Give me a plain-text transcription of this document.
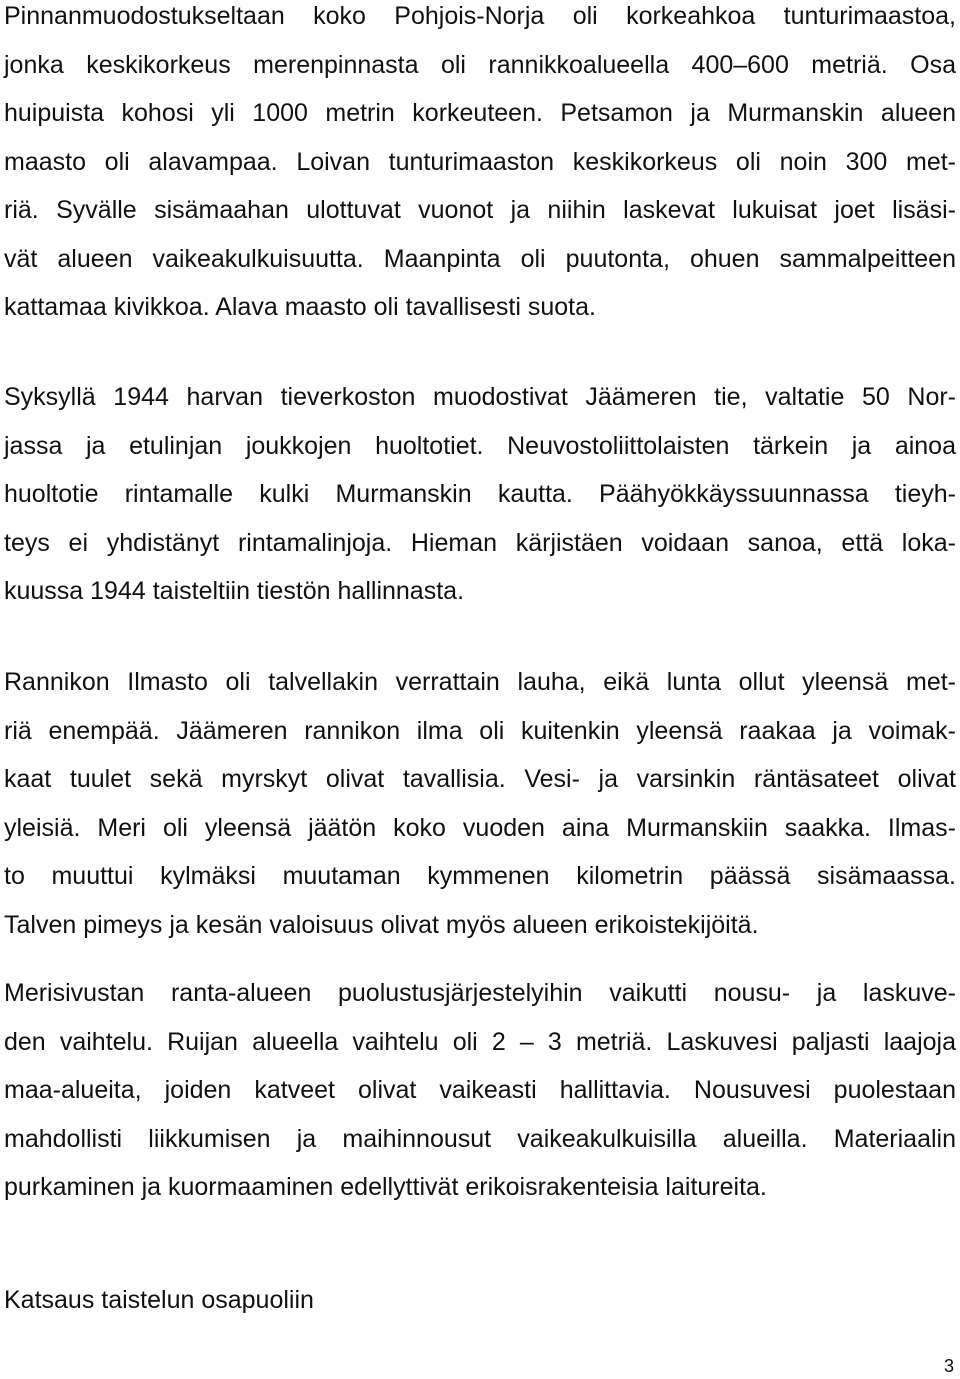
Pinnanmuodostukseltaan koko Pohjois-Norja oli korkeahkoa tunturimaastoa,
jonka keskikorkeus merenpinnasta oli rannikkoalueella 400–600 metriä. Osa
huipuista kohosi yli 1000 metrin korkeuteen. Petsamon ja Murmanskin alueen
maasto oli alavampaa. Loivan tunturimaaston keskikorkeus oli noin 300 met-
riä. Syvälle sisämaahan ulottuvat vuonot ja niihin laskevat lukuisat joet lisäsi-
vät alueen vaikeakulkuisuutta. Maanpinta oli puutonta, ohuen sammalpeitteen
kattamaa kivikkoa. Alava maasto oli tavallisesti suota.

Syksyllä 1944 harvan tieverkoston muodostivat Jäämeren tie, valtatie 50 Nor-
jassa ja etulinjan joukkojen huoltotiet. Neuvostoliittolaisten tärkein ja ainoa
huoltotie rintamalle kulki Murmanskin kautta. Päähyökkäyssuunnassa tieyh-
teys ei yhdistänyt rintamalinjoja. Hieman kärjistäen voidaan sanoa, että loka-
kuussa 1944 taisteltiin tiestön hallinnasta.

Rannikon Ilmasto oli talvellakin verrattain lauha, eikä lunta ollut yleensä met-
riä enempää. Jäämeren rannikon ilma oli kuitenkin yleensä raakaa ja voimak-
kaat tuulet sekä myrskyt olivat tavallisia. Vesi- ja varsinkin räntäsateet olivat
yleisiä. Meri oli yleensä jäätön koko vuoden aina Murmanskiin saakka. Ilmas-
to muuttui kylmäksi muutaman kymmenen kilometrin päässä sisämaassa.
Talven pimeys ja kesän valoisuus olivat myös alueen erikoistekijöitä.

Merisivustan ranta-alueen puolustusjärjestelyihin vaikutti nousu- ja laskuve-
den vaihtelu. Ruijan alueella vaihtelu oli 2 – 3 metriä. Laskuvesi paljasti laajoja
maa-alueita, joiden katveet olivat vaikeasti hallittavia. Nousuvesi puolestaan
mahdollisti liikkumisen ja maihinnousut vaikeakulkuisilla alueilla. Materiaalin
purkaminen ja kuormaaminen edellyttivät erikoisrakenteisia laitureita.

Katsaus taistelun osapuoliin
3
